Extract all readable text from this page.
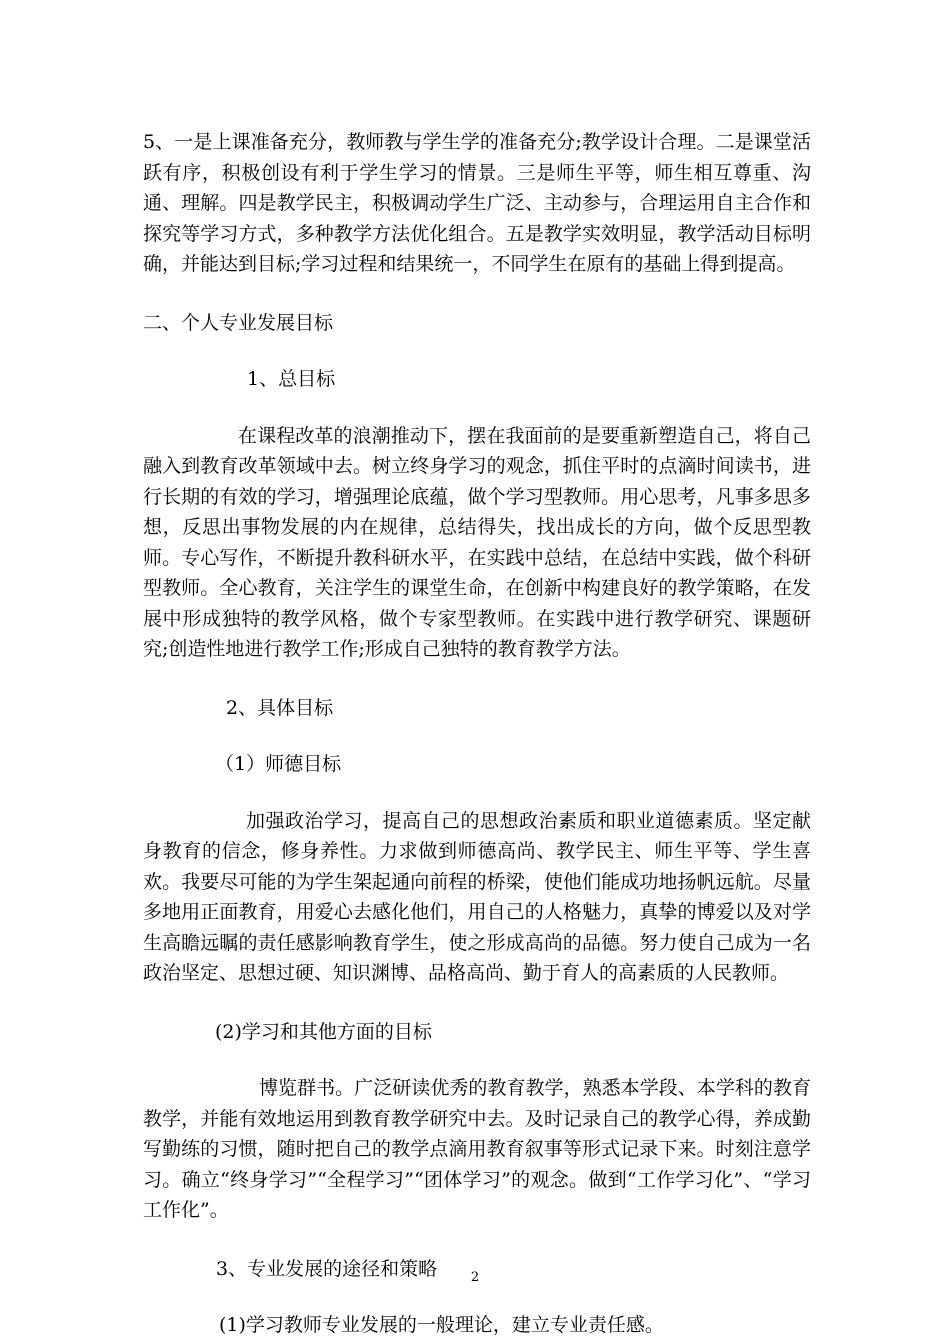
5、一是上课准备充分，教师教与学生学的准备充分;教学设计合理。二是课堂活跃有序，积极创设有利于学生学习的情景。三是师生平等，师生相互尊重、沟通、理解。四是教学民主，积极调动学生广泛、主动参与，合理运用自主合作和探究等学习方式，多种教学方法优化组合。五是教学实效明显，教学活动目标明确，并能达到目标;学习过程和结果统一，不同学生在原有的基础上得到提高。

二、个人专业发展目标

1、总目标

在课程改革的浪潮推动下，摆在我面前的是要重新塑造自己，将自己融入到教育改革领域中去。树立终身学习的观念，抓住平时的点滴时间读书，进行长期的有效的学习，增强理论底蕴，做个学习型教师。用心思考，凡事多思多想，反思出事物发展的内在规律，总结得失，找出成长的方向，做个反思型教师。专心写作，不断提升教科研水平，在实践中总结，在总结中实践，做个科研型教师。全心教育，关注学生的课堂生命，在创新中构建良好的教学策略，在发展中形成独特的教学风格，做个专家型教师。在实践中进行教学研究、课题研究;创造性地进行教学工作;形成自己独特的教育教学方法。

2、具体目标

（1）师德目标

加强政治学习，提高自己的思想政治素质和职业道德素质。坚定献身教育的信念，修身养性。力求做到师德高尚、教学民主、师生平等、学生喜欢。我要尽可能的为学生架起通向前程的桥梁，使他们能成功地扬帆远航。尽量多地用正面教育，用爱心去感化他们，用自己的人格魅力，真挚的博爱以及对学生高瞻远瞩的责任感影响教育学生，使之形成高尚的品德。努力使自己成为一名政治坚定、思想过硬、知识渊博、品格高尚、勤于育人的高素质的人民教师。

(2)学习和其他方面的目标

博览群书。广泛研读优秀的教育教学，熟悉本学段、本学科的教育教学，并能有效地运用到教育教学研究中去。及时记录自己的教学心得，养成勤写勤练的习惯，随时把自己的教学点滴用教育叙事等形式记录下来。时刻注意学习。确立“终身学习”“全程学习”“团体学习”的观念。做到“工作学习化”、“学习工作化”。

3、专业发展的途径和策略

(1)学习教师专业发展的一般理论，建立专业责任感。

2
